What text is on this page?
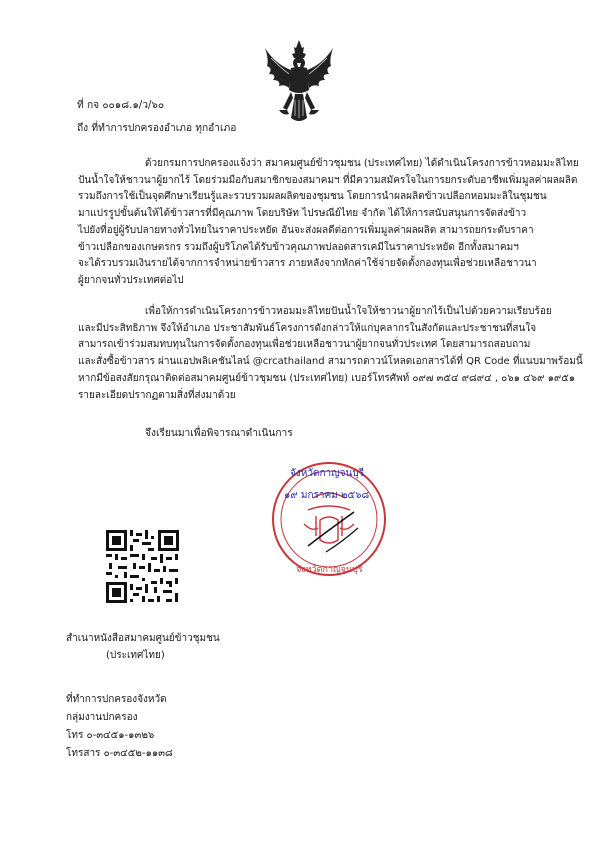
ที่ กจ ๐๐๑๘.๑/ว/๖๐
ถึง ที่ทำการปกครองอำเภอ ทุกอำเภอ
ด้วยกรมการปกครองแจ้งว่า สมาคมศูนย์ข้าวชุมชน (ประเทศไทย) ได้ดำเนินโครงการข้าวหอมมะลิไทย
ปันน้ำใจให้ชาวนาผู้ยากไร้ โดยร่วมมือกับสมาชิกของสมาคมฯ ที่มีความสมัครใจในการยกระดับอาชีพเพิ่มมูลค่าผลผลิต
รวมถึงการใช้เป็นจุดศึกษาเรียนรู้และรวบรวมผลผลิตของชุมชน โดยการนำผลผลิตข้าวเปลือกหอมมะลิในชุมชน
มาแปรรูปขั้นต้นให้ได้ข้าวสารที่มีคุณภาพ โดยบริษัท ไปรษณีย์ไทย จำกัด ได้ให้การสนับสนุนการจัดส่งข้าว
ไปยังที่อยู่ผู้รับปลายทางทั่วไทยในราคาประหยัด อันจะส่งผลดีต่อการเพิ่มมูลค่าผลผลิต สามารถยกระดับราคา
ข้าวเปลือกของเกษตรกร รวมถึงผู้บริโภคได้รับข้าวคุณภาพปลอดสารเคมีในราคาประหยัด อีกทั้งสมาคมฯ
จะได้รวบรวมเงินรายได้จากการจำหน่ายข้าวสาร ภายหลังจากหักค่าใช้จ่ายจัดตั้งกองทุนเพื่อช่วยเหลือชาวนา
ผู้ยากจนทั่วประเทศต่อไป
เพื่อให้การดำเนินโครงการข้าวหอมมะลิไทยปันน้ำใจให้ชาวนาผู้ยากไร้เป็นไปด้วยความเรียบร้อย
และมีประสิทธิภาพ จึงให้อำเภอ ประชาสัมพันธ์โครงการดังกล่าวให้แก่บุคลากรในสังกัดและประชาชนที่สนใจ
สามารถเข้าร่วมสมทบทุนในการจัดตั้งกองทุนเพื่อช่วยเหลือชาวนาผู้ยากจนทั่วประเทศ โดยสามารถสอบถาม
และสั่งซื้อข้าวสาร ผ่านแอปพลิเคชันไลน์ @crcathailand สามารถดาวน์โหลดเอกสารได้ที่ QR Code ที่แนบมาพร้อมนี้
หากมีข้อสงสัยกรุณาติดต่อสมาคมศูนย์ข้าวชุมชน (ประเทศไทย) เบอร์โทรศัพท์ ๐๙๗ ๓๕๔ ๙๘๙๔ , ๐๖๑ ๔๖๙ ๑๙๕๑
รายละเอียดปรากฏตามสิ่งที่ส่งมาด้วย
จึงเรียนมาเพื่อพิจารณาดำเนินการ
จังหวัดกาญจนบุรี
๑๙ มกราคม ๒๕๖๘
จังหวัดกาญจนบุรี
สำเนาหนังสือสมาคมศูนย์ข้าวชุมชน
(ประเทศไทย)
ที่ทำการปกครองจังหวัด
กลุ่มงานปกครอง
โทร ๐-๓๔๕๑-๑๓๒๖
โทรสาร ๐-๓๔๕๒-๑๑๓๘
